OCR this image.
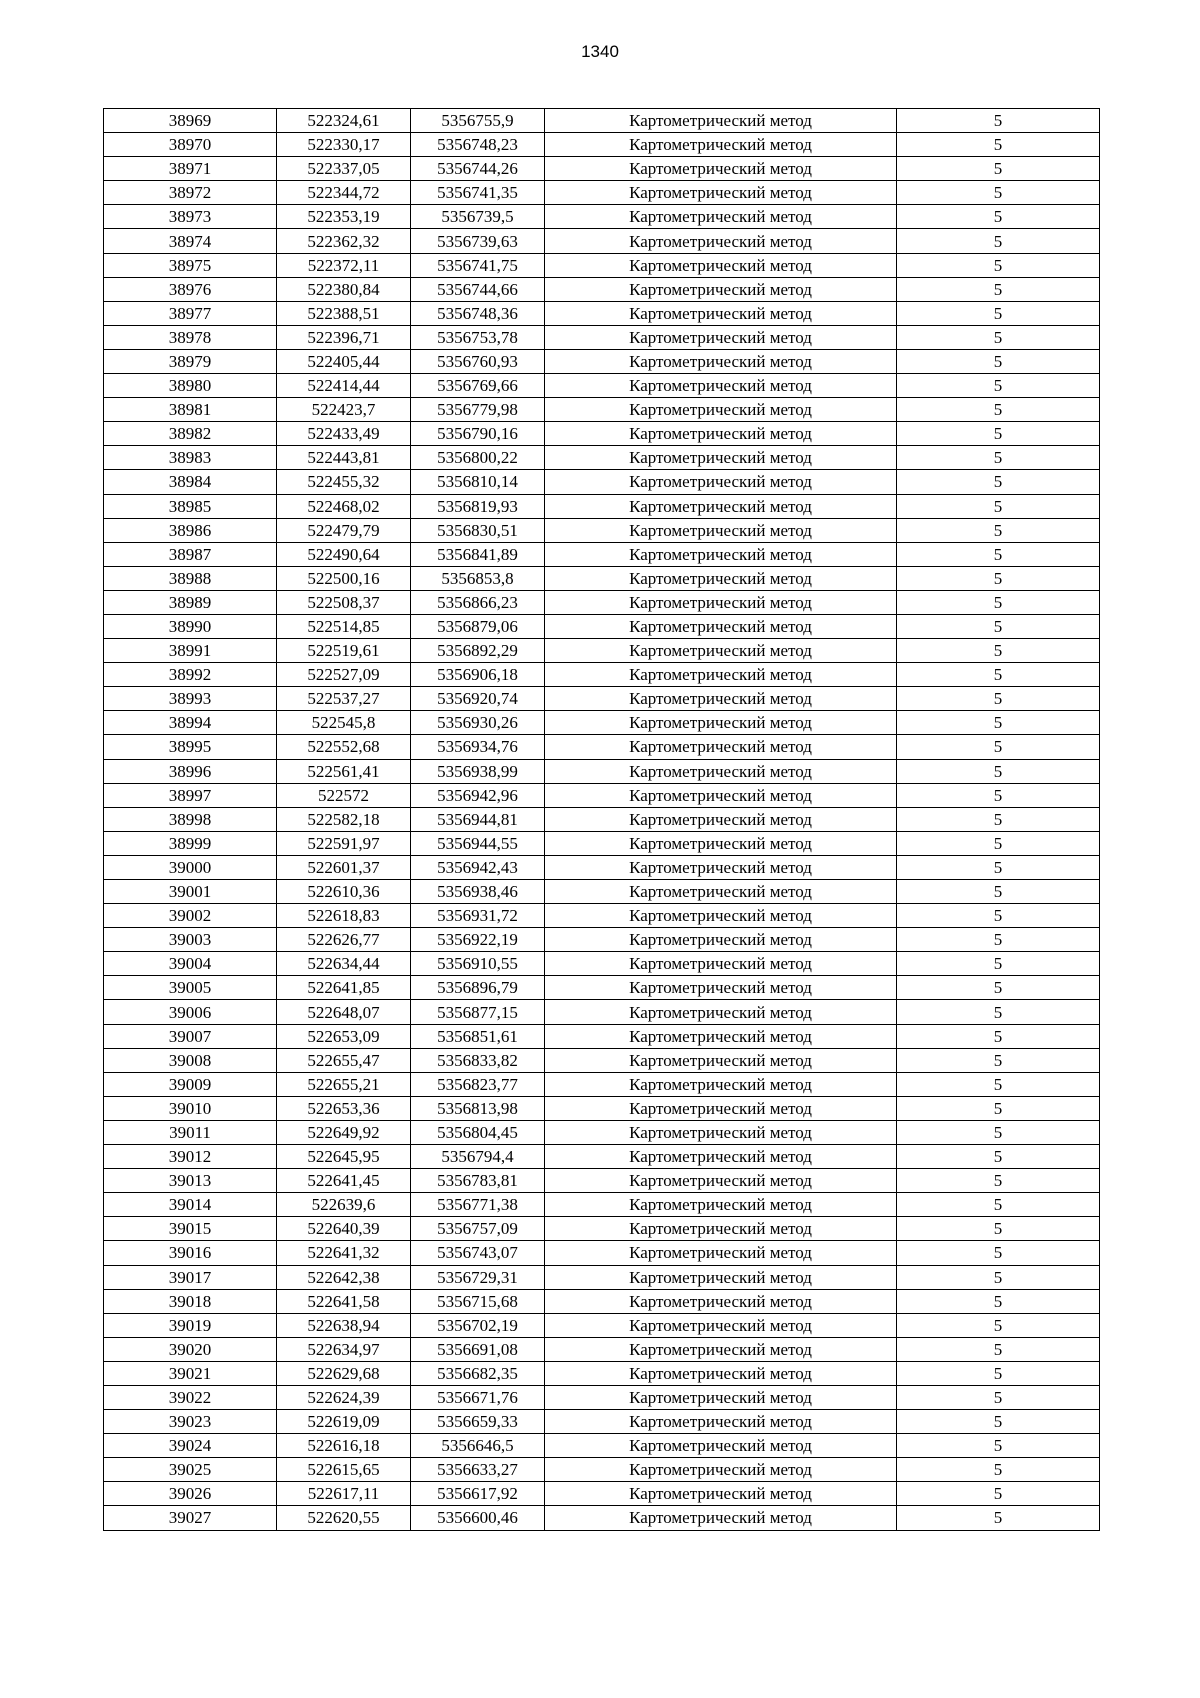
1340
38969	522324,61	5356755,9	Картометрический метод	5
38970	522330,17	5356748,23	Картометрический метод	5
38971	522337,05	5356744,26	Картометрический метод	5
38972	522344,72	5356741,35	Картометрический метод	5
38973	522353,19	5356739,5	Картометрический метод	5
38974	522362,32	5356739,63	Картометрический метод	5
38975	522372,11	5356741,75	Картометрический метод	5
38976	522380,84	5356744,66	Картометрический метод	5
38977	522388,51	5356748,36	Картометрический метод	5
38978	522396,71	5356753,78	Картометрический метод	5
38979	522405,44	5356760,93	Картометрический метод	5
38980	522414,44	5356769,66	Картометрический метод	5
38981	522423,7	5356779,98	Картометрический метод	5
38982	522433,49	5356790,16	Картометрический метод	5
38983	522443,81	5356800,22	Картометрический метод	5
38984	522455,32	5356810,14	Картометрический метод	5
38985	522468,02	5356819,93	Картометрический метод	5
38986	522479,79	5356830,51	Картометрический метод	5
38987	522490,64	5356841,89	Картометрический метод	5
38988	522500,16	5356853,8	Картометрический метод	5
38989	522508,37	5356866,23	Картометрический метод	5
38990	522514,85	5356879,06	Картометрический метод	5
38991	522519,61	5356892,29	Картометрический метод	5
38992	522527,09	5356906,18	Картометрический метод	5
38993	522537,27	5356920,74	Картометрический метод	5
38994	522545,8	5356930,26	Картометрический метод	5
38995	522552,68	5356934,76	Картометрический метод	5
38996	522561,41	5356938,99	Картометрический метод	5
38997	522572	5356942,96	Картометрический метод	5
38998	522582,18	5356944,81	Картометрический метод	5
38999	522591,97	5356944,55	Картометрический метод	5
39000	522601,37	5356942,43	Картометрический метод	5
39001	522610,36	5356938,46	Картометрический метод	5
39002	522618,83	5356931,72	Картометрический метод	5
39003	522626,77	5356922,19	Картометрический метод	5
39004	522634,44	5356910,55	Картометрический метод	5
39005	522641,85	5356896,79	Картометрический метод	5
39006	522648,07	5356877,15	Картометрический метод	5
39007	522653,09	5356851,61	Картометрический метод	5
39008	522655,47	5356833,82	Картометрический метод	5
39009	522655,21	5356823,77	Картометрический метод	5
39010	522653,36	5356813,98	Картометрический метод	5
39011	522649,92	5356804,45	Картометрический метод	5
39012	522645,95	5356794,4	Картометрический метод	5
39013	522641,45	5356783,81	Картометрический метод	5
39014	522639,6	5356771,38	Картометрический метод	5
39015	522640,39	5356757,09	Картометрический метод	5
39016	522641,32	5356743,07	Картометрический метод	5
39017	522642,38	5356729,31	Картометрический метод	5
39018	522641,58	5356715,68	Картометрический метод	5
39019	522638,94	5356702,19	Картометрический метод	5
39020	522634,97	5356691,08	Картометрический метод	5
39021	522629,68	5356682,35	Картометрический метод	5
39022	522624,39	5356671,76	Картометрический метод	5
39023	522619,09	5356659,33	Картометрический метод	5
39024	522616,18	5356646,5	Картометрический метод	5
39025	522615,65	5356633,27	Картометрический метод	5
39026	522617,11	5356617,92	Картометрический метод	5
39027	522620,55	5356600,46	Картометрический метод	5
